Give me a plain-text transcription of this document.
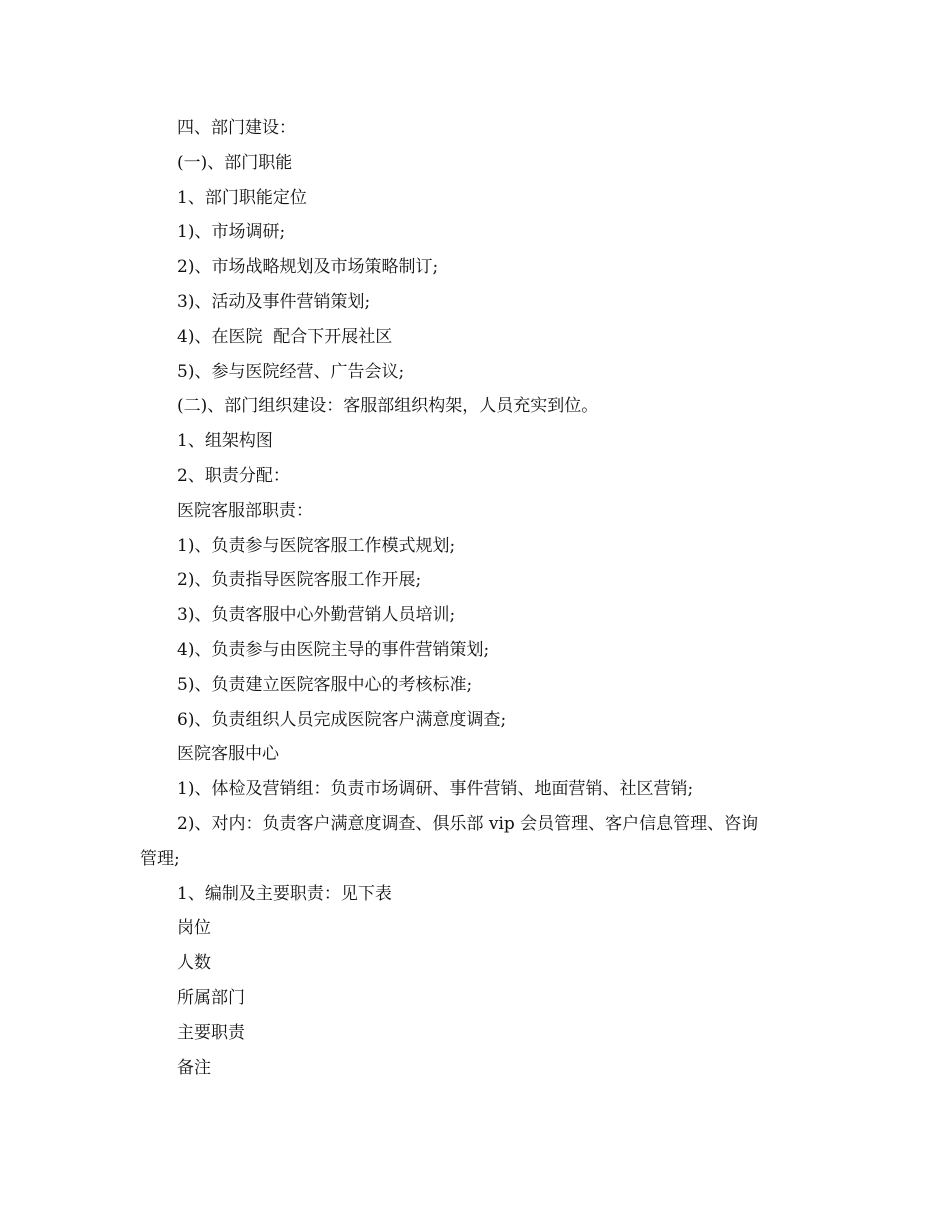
四、部门建设：
(一)、部门职能
1、部门职能定位
1)、市场调研;
2)、市场战略规划及市场策略制订;
3)、活动及事件营销策划;
4)、在医院  配合下开展社区
5)、参与医院经营、广告会议;
(二)、部门组织建设：客服部组织构架，人员充实到位。
1、组架构图
2、职责分配：
医院客服部职责：
1)、负责参与医院客服工作模式规划;
2)、负责指导医院客服工作开展;
3)、负责客服中心外勤营销人员培训;
4)、负责参与由医院主导的事件营销策划;
5)、负责建立医院客服中心的考核标准;
6)、负责组织人员完成医院客户满意度调查;
医院客服中心
1)、体检及营销组：负责市场调研、事件营销、地面营销、社区营销;
2)、对内：负责客户满意度调查、俱乐部 vip 会员管理、客户信息管理、咨询
管理;
1、编制及主要职责：见下表
岗位
人数
所属部门
主要职责
备注
